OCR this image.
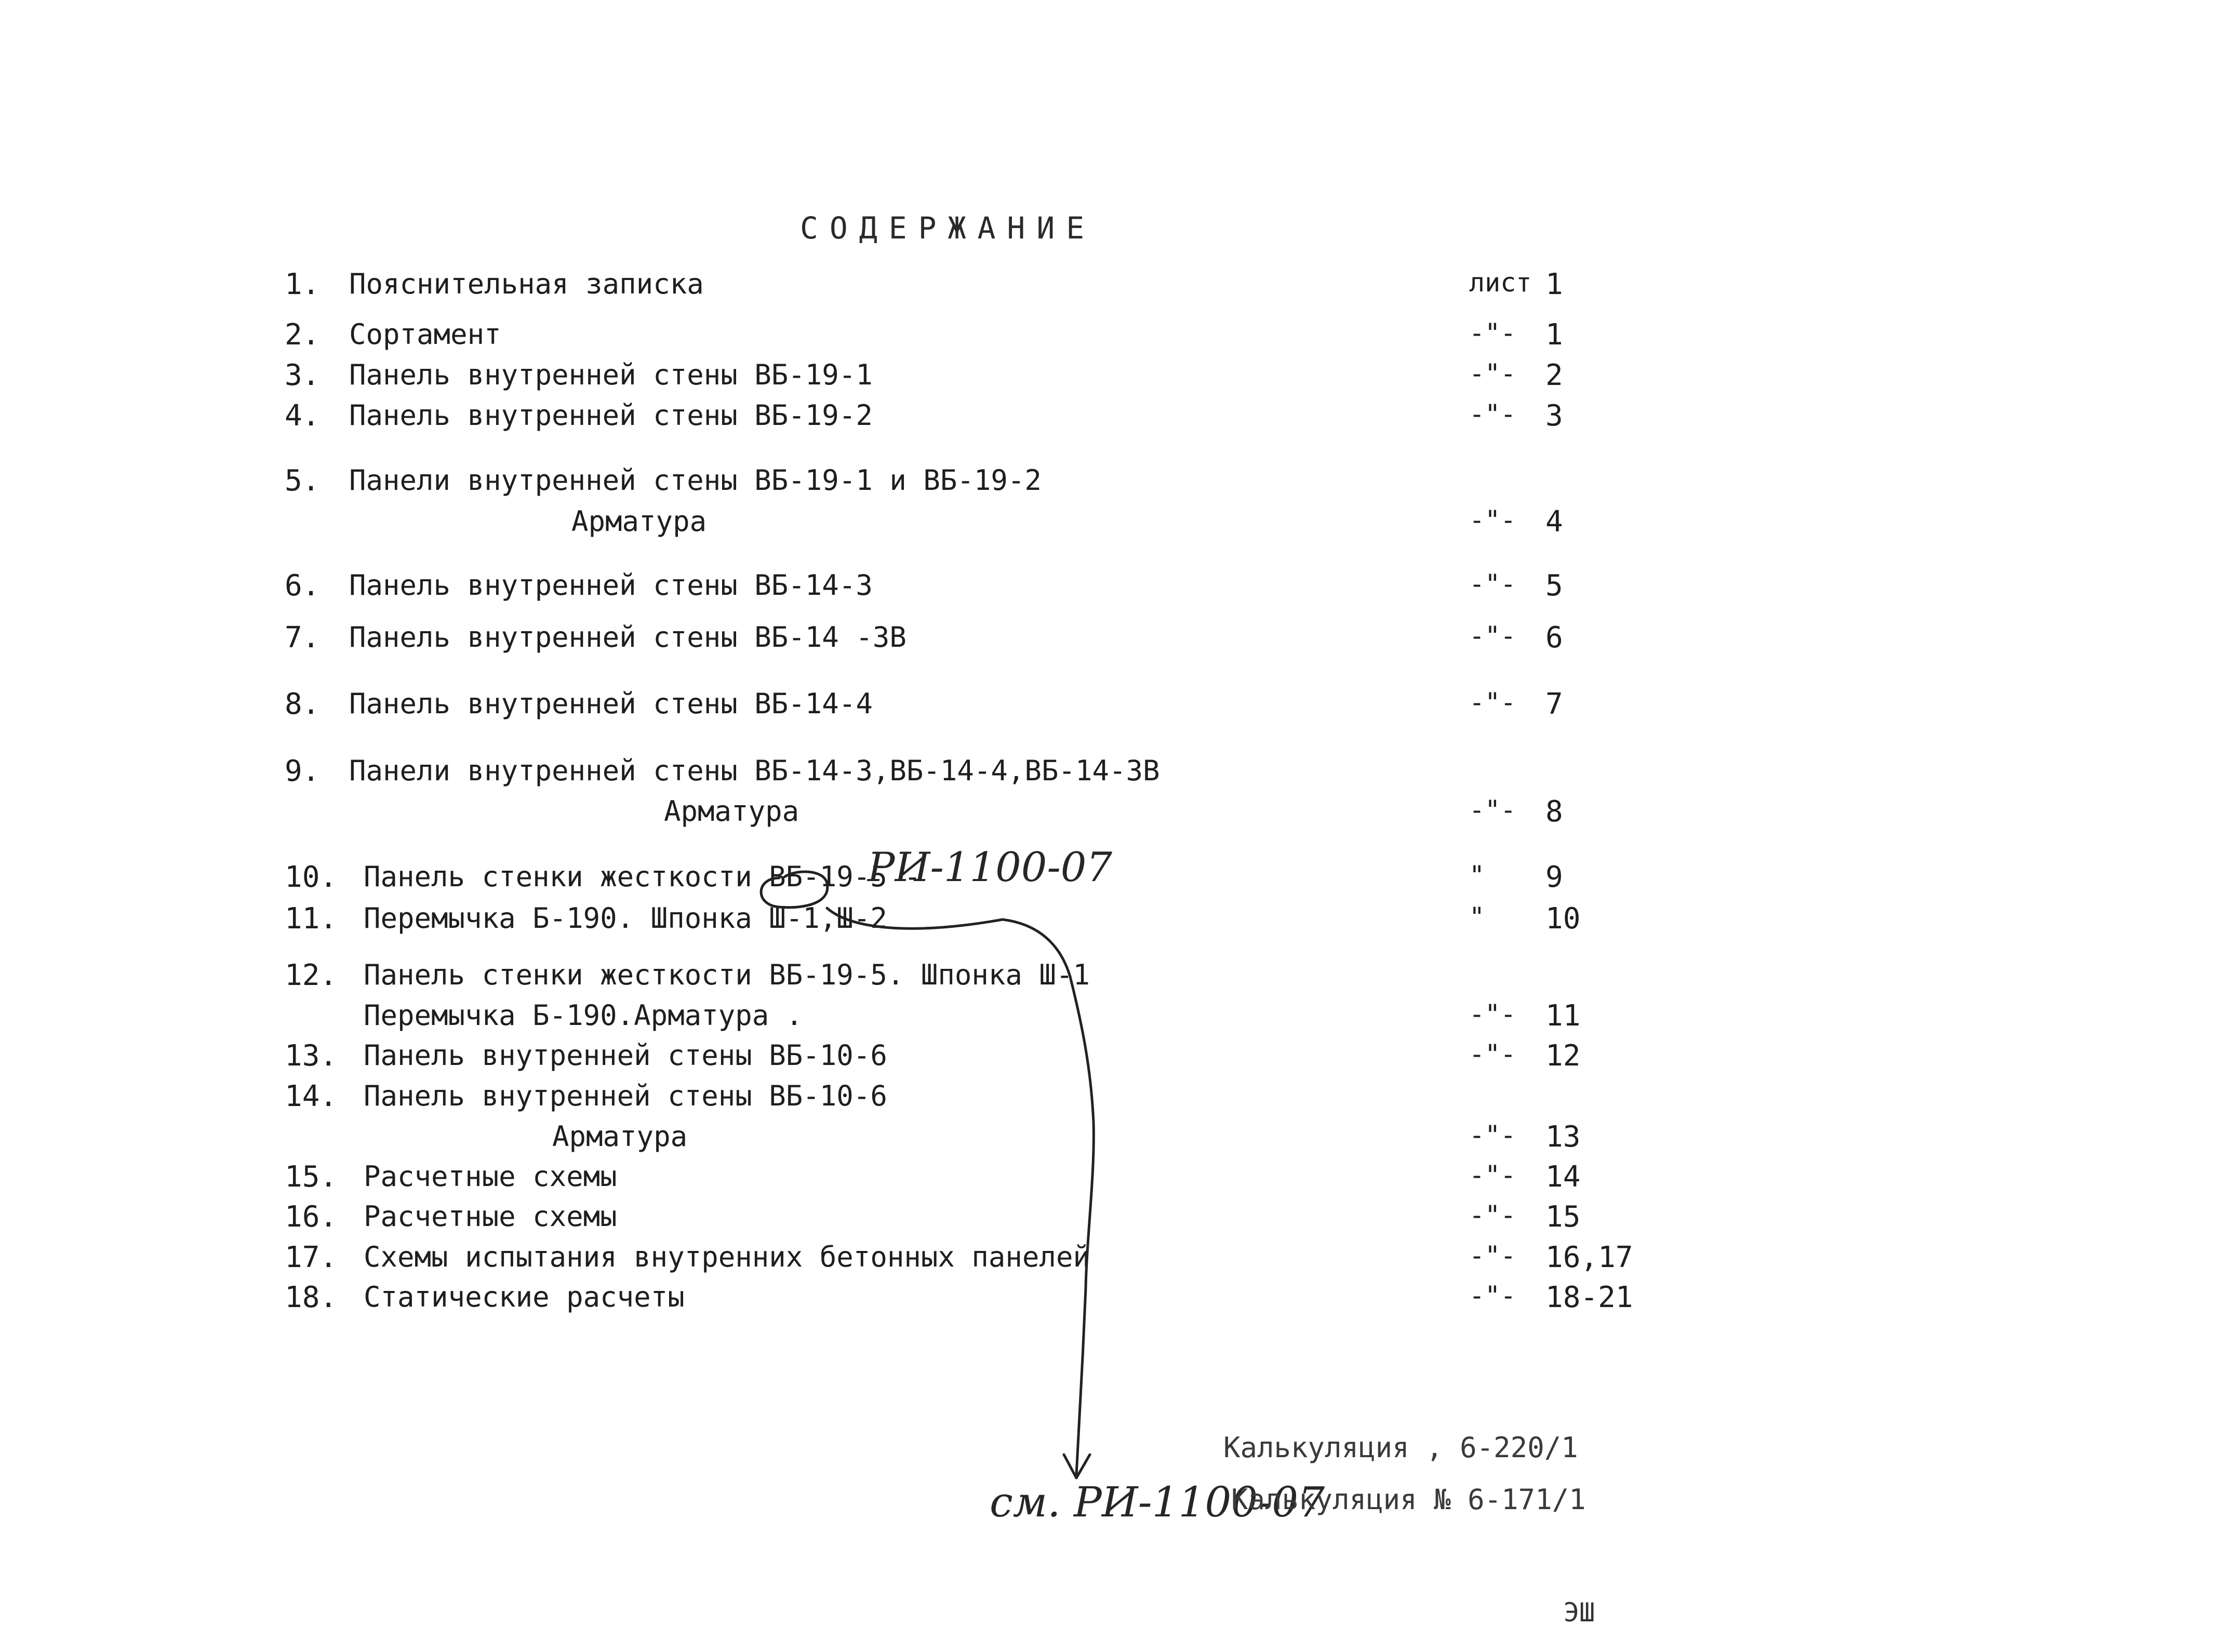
СОДЕРЖАНИЕ
1. Пояснительная записка	лист 1
2. Сортамент	-"- 1
3. Панель внутренней стены ВБ-19-1	-"- 2
4. Панель внутренней стены ВБ-19-2	-"- 3
5. Панели внутренней стены ВБ-19-1 и ВБ-19-2
Арматура	-"- 4
6. Панель внутренней стены ВБ-14-3	-"- 5
7. Панель внутренней стены ВБ-14 -3В	-"- 6
8. Панель внутренней стены ВБ-14-4	-"- 7
9. Панели внутренней стены ВБ-14-3,ВБ-14-4,ВБ-14-3В
Арматура	-"- 8
10. Панель стенки жесткости ВБ-19-5 -	" 9
11. Перемычка Б-190. Шпонка Ш-1,Ш-2	" 10
12. Панель стенки жесткости ВБ-19-5. Шпонка Ш-1
Перемычка Б-190.Арматура .	-"- 11
13. Панель внутренней стены ВБ-10-6	-"- 12
14. Панель внутренней стены ВБ-10-6
Арматура	-"- 13
15. Расчетные схемы	-"- 14
16. Расчетные схемы	-"- 15
17. Схемы испытания внутренних бетонных панелей	-"- 16,17
18. Статические расчеты	-"- 18-21
РИ-1100-07
Калькуляция , 6-220/1
см. РИ-1100-07
Калькуляция № 6-171/1
ЭШ
